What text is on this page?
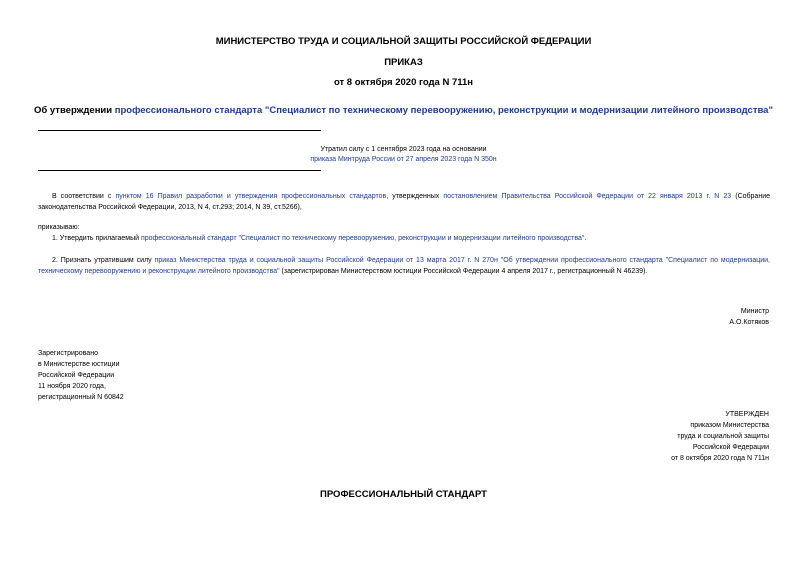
МИНИСТЕРСТВО ТРУДА И СОЦИАЛЬНОЙ ЗАЩИТЫ РОССИЙСКОЙ ФЕДЕРАЦИИ
ПРИКАЗ
от 8 октября 2020 года N 711н
Об утверждении профессионального стандарта "Специалист по техническому перевооружению, реконструкции и модернизации литейного производства"
Утратил силу с 1 сентября 2023 года на основании
приказа Минтруда России от 27 апреля 2023 года N 350н
В соответствии с пунктом 16 Правил разработки и утверждения профессиональных стандартов, утвержденных постановлением Правительства Российской Федерации от 22 января 2013 г. N 23 (Собрание законодательства Российской Федерации, 2013, N 4, ст.293; 2014, N 39, ст.5266),
приказываю:
1. Утвердить прилагаемый профессиональный стандарт "Специалист по техническому перевооружению, реконструкции и модернизации литейного производства".
2. Признать утратившим силу приказ Министерства труда и социальной защиты Российской Федерации от 13 марта 2017 г. N 270н "Об утверждении профессионального стандарта "Специалист по модернизации, техническому перевооружению и реконструкции литейного производства" (зарегистрирован Министерством юстиции Российской Федерации 4 апреля 2017 г., регистрационный N 46239).
Министр
А.О.Котяков
Зарегистрировано
в Министерстве юстиции
Российской Федерации
11 ноября 2020 года,
регистрационный N 60842
УТВЕРЖДЕН
приказом Министерства
труда и социальной защиты
Российской Федерации
от 8 октября 2020 года N 711н
ПРОФЕССИОНАЛЬНЫЙ СТАНДАРТ
